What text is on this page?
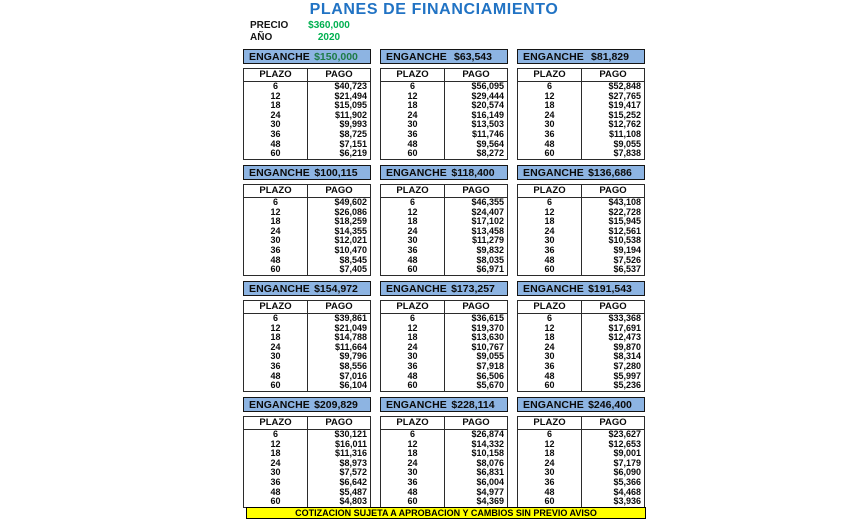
PLANES DE FINANCIAMIENTO
PRECIO	$360,000
AÑO	2020
ENGANCHE $150,000
PLAZO	PAGO
6	$40,723
12	$21,494
18	$15,095
24	$11,902
30	$9,993
36	$8,725
48	$7,151
60	$6,219
ENGANCHE $63,543
PLAZO	PAGO
6	$56,095
12	$29,444
18	$20,574
24	$16,149
30	$13,503
36	$11,746
48	$9,564
60	$8,272
ENGANCHE $81,829
PLAZO	PAGO
6	$52,848
12	$27,765
18	$19,417
24	$15,252
30	$12,762
36	$11,108
48	$9,055
60	$7,838
ENGANCHE $100,115
PLAZO	PAGO
6	$49,602
12	$26,086
18	$18,259
24	$14,355
30	$12,021
36	$10,470
48	$8,545
60	$7,405
ENGANCHE $118,400
PLAZO	PAGO
6	$46,355
12	$24,407
18	$17,102
24	$13,458
30	$11,279
36	$9,832
48	$8,035
60	$6,971
ENGANCHE $136,686
PLAZO	PAGO
6	$43,108
12	$22,728
18	$15,945
24	$12,561
30	$10,538
36	$9,194
48	$7,526
60	$6,537
ENGANCHE $154,972
PLAZO	PAGO
6	$39,861
12	$21,049
18	$14,788
24	$11,664
30	$9,796
36	$8,556
48	$7,016
60	$6,104
ENGANCHE $173,257
PLAZO	PAGO
6	$36,615
12	$19,370
18	$13,630
24	$10,767
30	$9,055
36	$7,918
48	$6,506
60	$5,670
ENGANCHE $191,543
PLAZO	PAGO
6	$33,368
12	$17,691
18	$12,473
24	$9,870
30	$8,314
36	$7,280
48	$5,997
60	$5,236
ENGANCHE $209,829
PLAZO	PAGO
6	$30,121
12	$16,011
18	$11,316
24	$8,973
30	$7,572
36	$6,642
48	$5,487
60	$4,803
ENGANCHE $228,114
PLAZO	PAGO
6	$26,874
12	$14,332
18	$10,158
24	$8,076
30	$6,831
36	$6,004
48	$4,977
60	$4,369
ENGANCHE $246,400
PLAZO	PAGO
6	$23,627
12	$12,653
18	$9,001
24	$7,179
30	$6,090
36	$5,366
48	$4,468
60	$3,936
COTIZACION SUJETA A APROBACION Y CAMBIOS SIN PREVIO AVISO
